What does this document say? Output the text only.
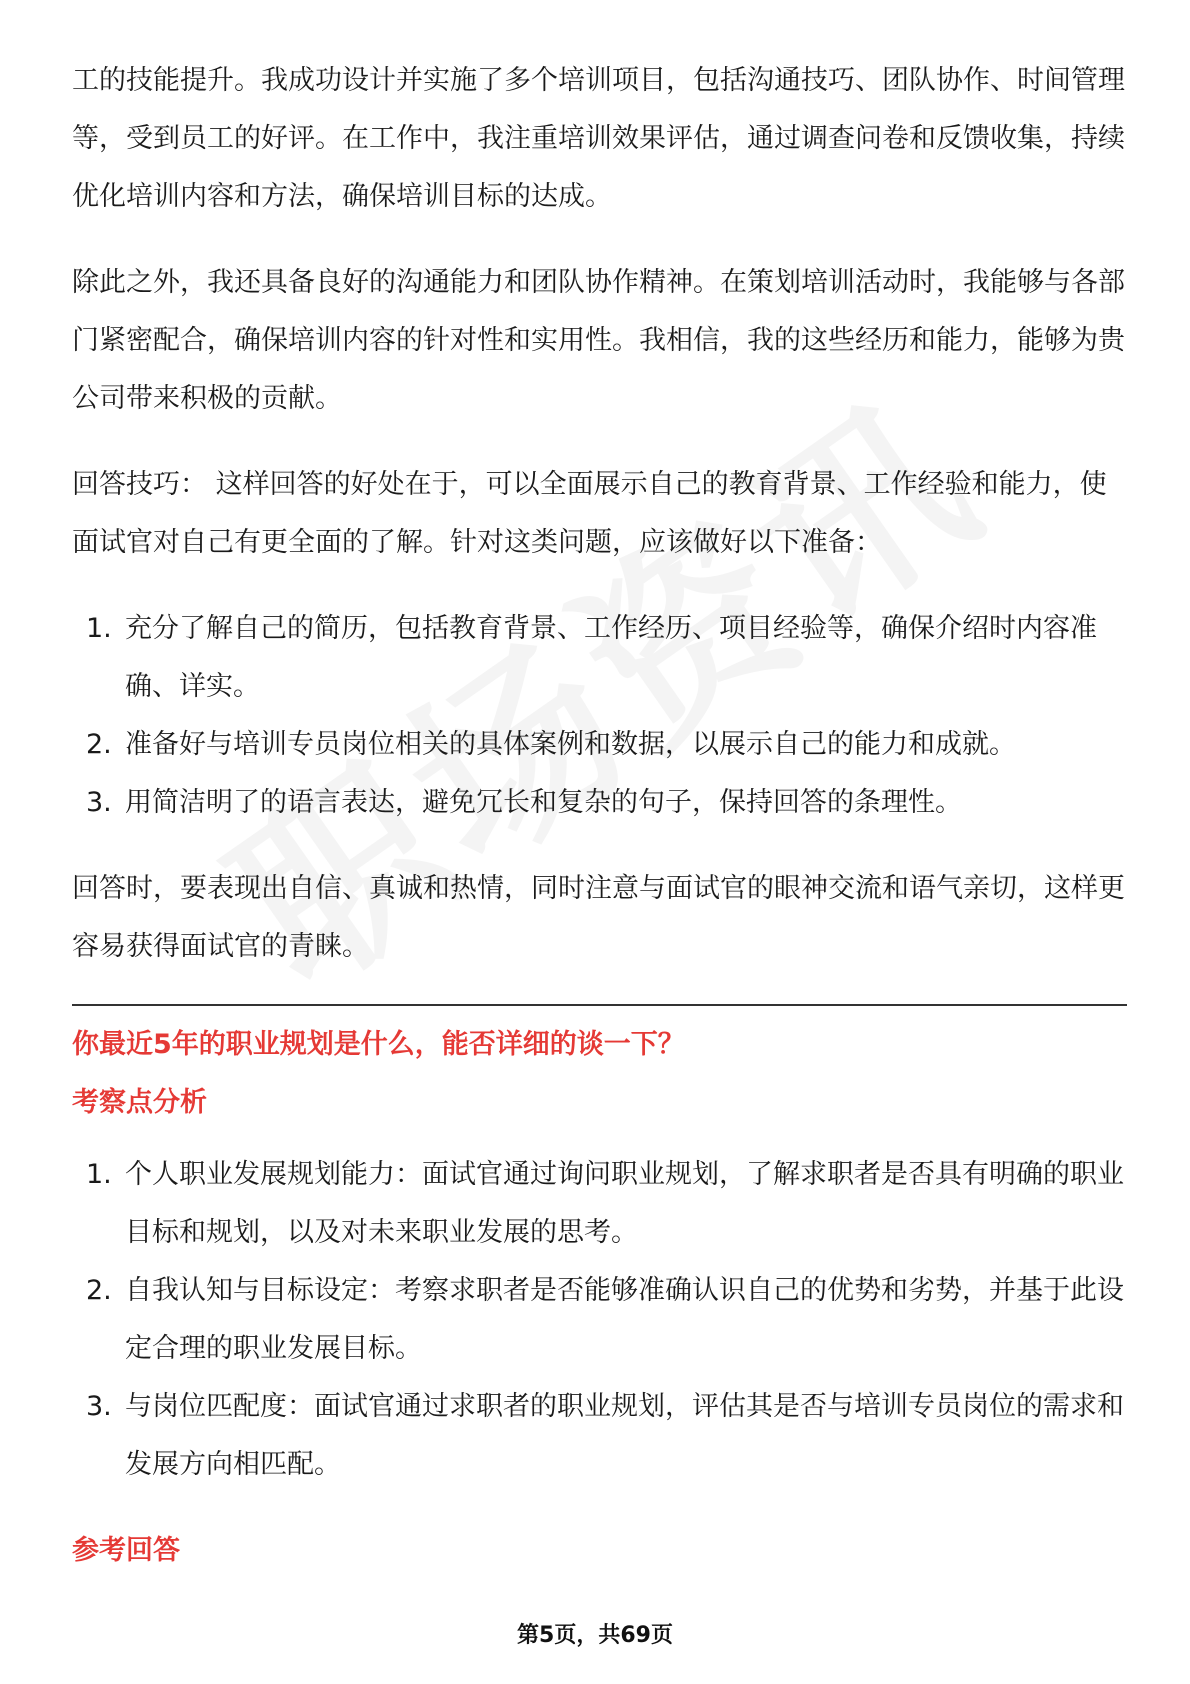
工的技能提升。我成功设计并实施了多个培训项目，包括沟通技巧、团队协作、时间管理等，受到员工的好评。在工作中，我注重培训效果评估，通过调查问卷和反馈收集，持续优化培训内容和方法，确保培训目标的达成。

除此之外，我还具备良好的沟通能力和团队协作精神。在策划培训活动时，我能够与各部门紧密配合，确保培训内容的针对性和实用性。我相信，我的这些经历和能力，能够为贵公司带来积极的贡献。

回答技巧： 这样回答的好处在于，可以全面展示自己的教育背景、工作经验和能力，使面试官对自己有更全面的了解。针对这类问题，应该做好以下准备：

1. 充分了解自己的简历，包括教育背景、工作经历、项目经验等，确保介绍时内容准确、详实。
2. 准备好与培训专员岗位相关的具体案例和数据，以展示自己的能力和成就。
3. 用简洁明了的语言表达，避免冗长和复杂的句子，保持回答的条理性。

回答时，要表现出自信、真诚和热情，同时注意与面试官的眼神交流和语气亲切，这样更容易获得面试官的青睐。

你最近5年的职业规划是什么，能否详细的谈一下？
考察点分析
1. 个人职业发展规划能力：面试官通过询问职业规划，了解求职者是否具有明确的职业目标和规划，以及对未来职业发展的思考。
2. 自我认知与目标设定：考察求职者是否能够准确认识自己的优势和劣势，并基于此设定合理的职业发展目标。
3. 与岗位匹配度：面试官通过求职者的职业规划，评估其是否与培训专员岗位的需求和发展方向相匹配。
参考回答
第5页，共69页
